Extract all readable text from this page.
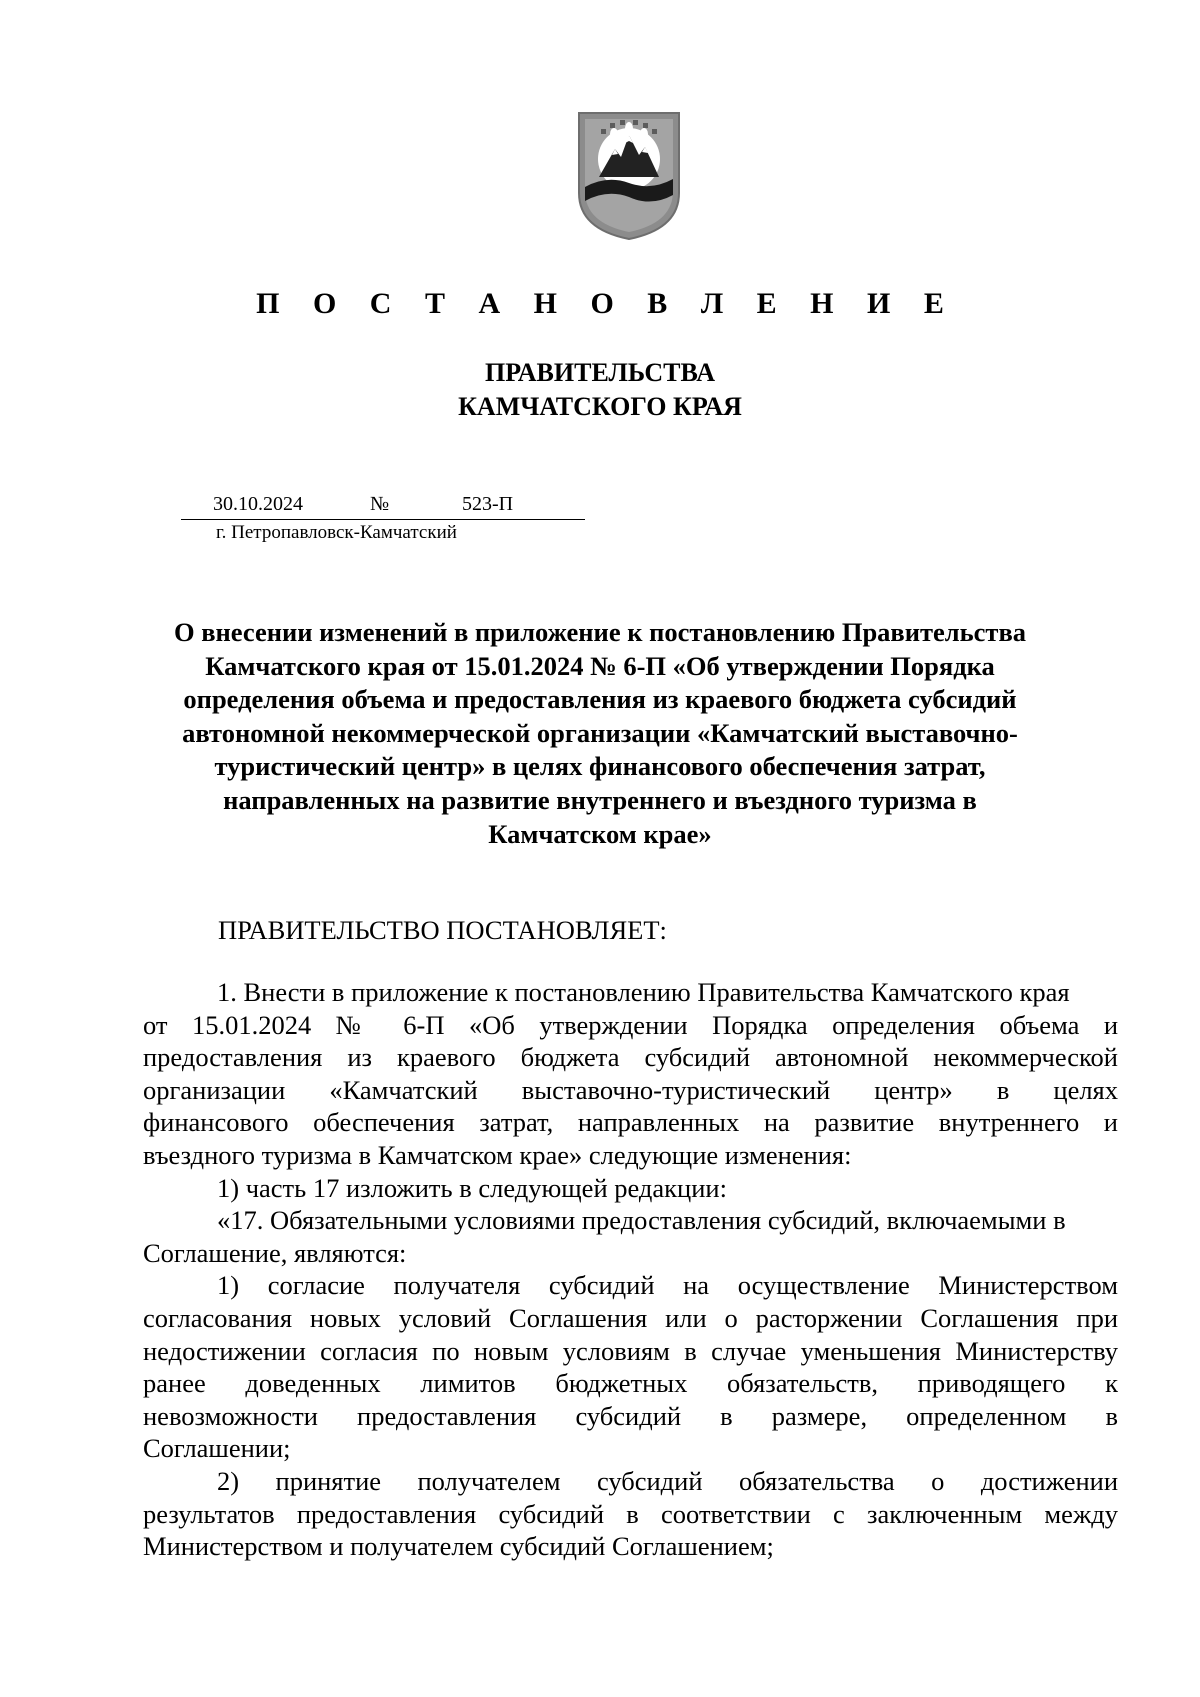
П О С Т А Н О В Л Е Н И Е
ПРАВИТЕЛЬСТВА
КАМЧАТСКОГО КРАЯ
30.10.2024	№	523-П
г. Петропавловск-Камчатский
О внесении изменений в приложение к постановлению Правительства
Камчатского края от 15.01.2024 № 6-П «Об утверждении Порядка
определения объема и предоставления из краевого бюджета субсидий
автономной некоммерческой организации «Камчатский выставочно-
туристический центр» в целях финансового обеспечения затрат,
направленных на развитие внутреннего и въездного туризма в
Камчатском крае»
ПРАВИТЕЛЬСТВО ПОСТАНОВЛЯЕТ:
1. Внести в приложение к постановлению Правительства Камчатского края
от 15.01.2024 № 6-П «Об утверждении Порядка определения объема и
предоставления из краевого бюджета субсидий автономной некоммерческой
организации «Камчатский выставочно-туристический центр» в целях
финансового обеспечения затрат, направленных на развитие внутреннего и
въездного туризма в Камчатском крае» следующие изменения:
1) часть 17 изложить в следующей редакции:
«17. Обязательными условиями предоставления субсидий, включаемыми в
Соглашение, являются:
1) согласие получателя субсидий на осуществление Министерством
согласования новых условий Соглашения или о расторжении Соглашения при
недостижении согласия по новым условиям в случае уменьшения Министерству
ранее доведенных лимитов бюджетных обязательств, приводящего к
невозможности предоставления субсидий в размере, определенном в
Соглашении;
2) принятие получателем субсидий обязательства о достижении
результатов предоставления субсидий в соответствии с заключенным между
Министерством и получателем субсидий Соглашением;
